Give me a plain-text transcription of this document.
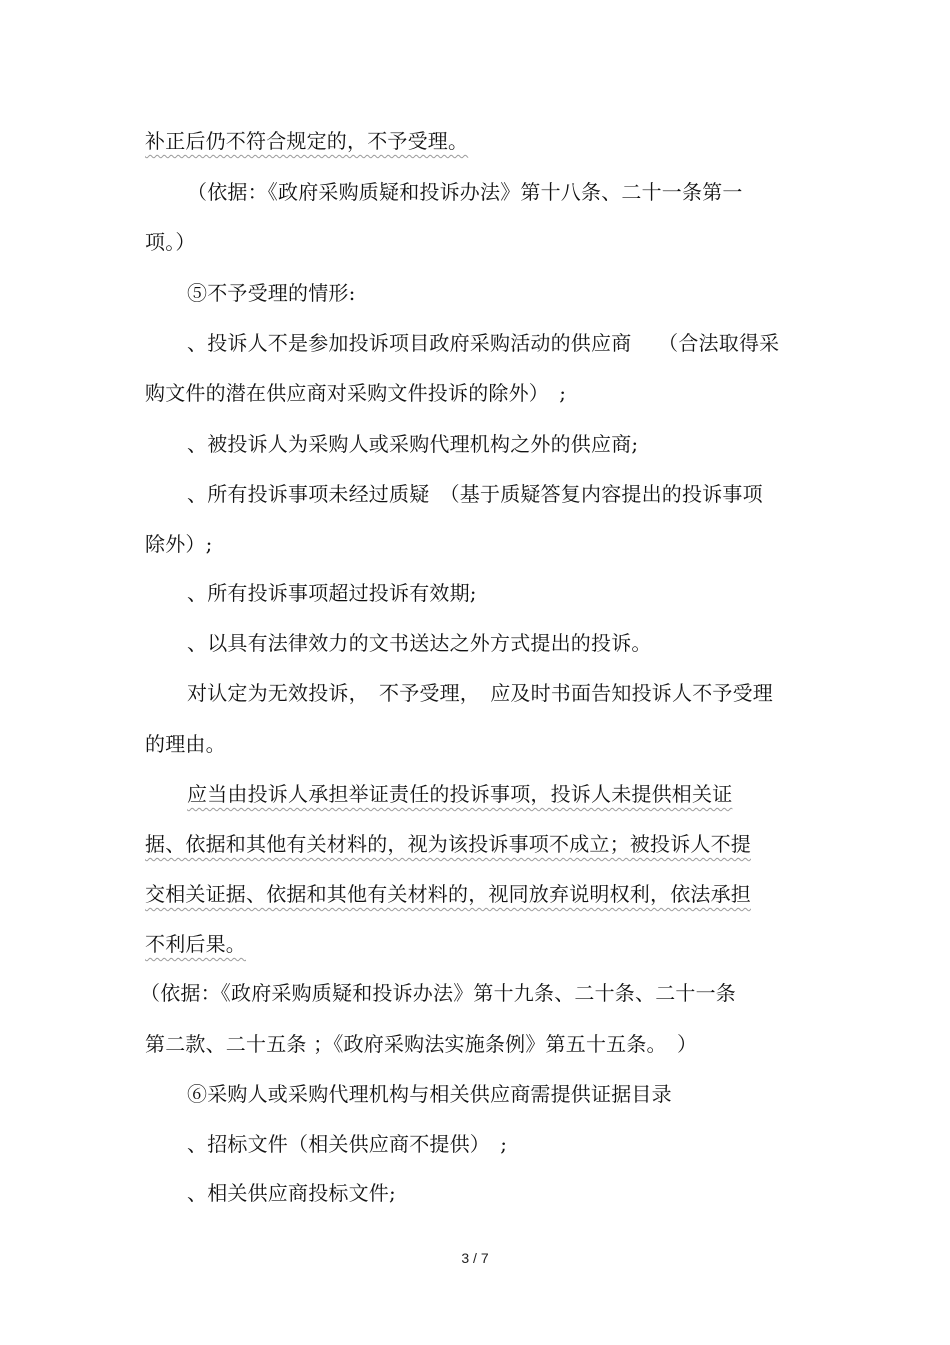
补正后仍不符合规定的，不予受理。
（依据：《政府采购质疑和投诉办法》第十八条、二十一条第一
项。）
⑤不予受理的情形:
、投诉人不是参加投诉项目政府采购活动的供应商　 （合法取得采
购文件的潜在供应商对采购文件投诉的除外）　;
、被投诉人为采购人或采购代理机构之外的供应商;
、所有投诉事项未经过质疑　（基于质疑答复内容提出的投诉事项
除外）;
、所有投诉事项超过投诉有效期;
、以具有法律效力的文书送达之外方式提出的投诉。
对认定为无效投诉，　不予受理，　应及时书面告知投诉人不予受理
的理由。
应当由投诉人承担举证责任的投诉事项，投诉人未提供相关证
据、依据和其他有关材料的，视为该投诉事项不成立；被投诉人不提
交相关证据、依据和其他有关材料的，视同放弃说明权利，依法承担
不利后果。
（依据：《政府采购质疑和投诉办法》第十九条、二十条、二十一条
第二款、二十五条 ；《政府采购法实施条例》第五十五条。　）
⑥采购人或采购代理机构与相关供应商需提供证据目录
、招标文件（相关供应商不提供）　;
、相关供应商投标文件;
3 / 7
